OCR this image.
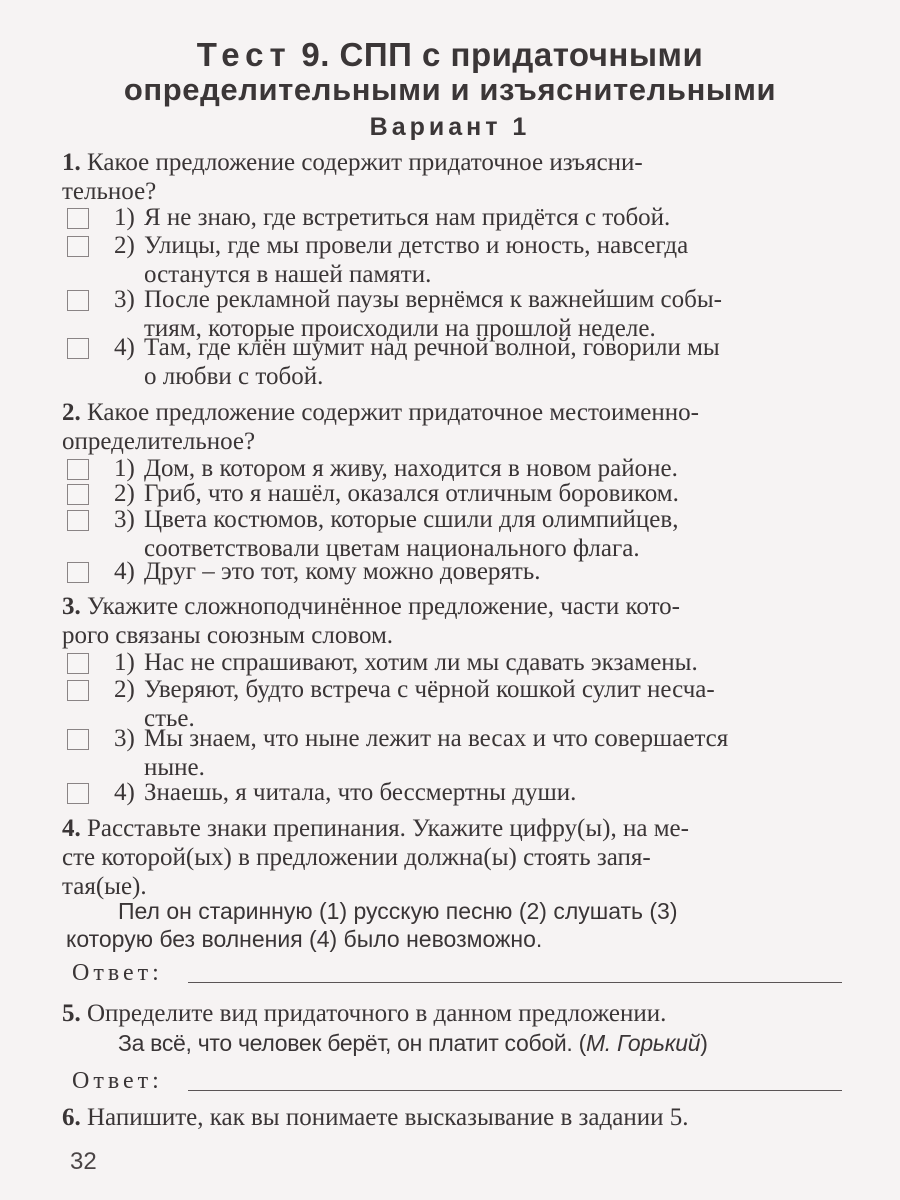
Тест 9. СПП с придаточными
определительными и изъяснительными
Вариант 1
1. Какое предложение содержит придаточное изъясни-
тельное?
1) Я не знаю, где встретиться нам придётся с тобой.
2) Улицы, где мы провели детство и юность, навсегда
останутся в нашей памяти.
3) После рекламной паузы вернёмся к важнейшим собы-
тиям, которые происходили на прошлой неделе.
4) Там, где клён шумит над речной волной, говорили мы
о любви с тобой.
2. Какое предложение содержит придаточное местоименно-
определительное?
1) Дом, в котором я живу, находится в новом районе.
2) Гриб, что я нашёл, оказался отличным боровиком.
3) Цвета костюмов, которые сшили для олимпийцев,
соответствовали цветам национального флага.
4) Друг – это тот, кому можно доверять.
3. Укажите сложноподчинённое предложение, части кото-
рого связаны союзным словом.
1) Нас не спрашивают, хотим ли мы сдавать экзамены.
2) Уверяют, будто встреча с чёрной кошкой сулит несча-
стье.
3) Мы знаем, что ныне лежит на весах и что совершается
ныне.
4) Знаешь, я читала, что бессмертны души.
4. Расставьте знаки препинания. Укажите цифру(ы), на ме-
сте которой(ых) в предложении должна(ы) стоять запя-
тая(ые).
Пел он старинную (1) русскую песню (2) слушать (3)
которую без волнения (4) было невозможно.
Ответ:
5. Определите вид придаточного в данном предложении.
За всё, что человек берёт, он платит собой. (М. Горький)
Ответ:
6. Напишите, как вы понимаете высказывание в задании 5.
32
